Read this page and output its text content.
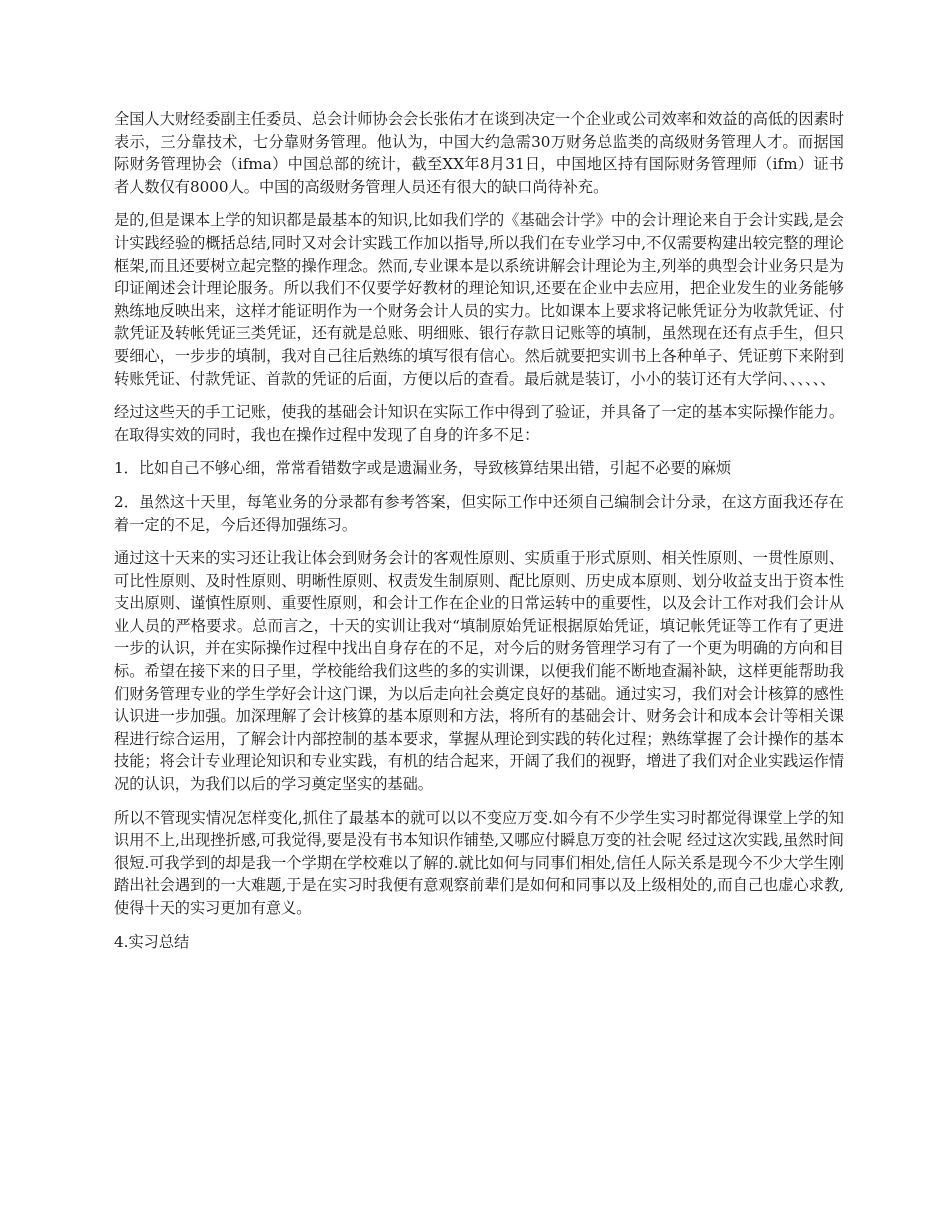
全国人大财经委副主任委员、总会计师协会会长张佑才在谈到决定一个企业或公司效率和效益的高低的因素时表示，三分靠技术，七分靠财务管理。他认为，中国大约急需30万财务总监类的高级财务管理人才。而据国际财务管理协会（ifma）中国总部的统计，截至XX年8月31日，中国地区持有国际财务管理师（ifm）证书者人数仅有8000人。中国的高级财务管理人员还有很大的缺口尚待补充。

是的,但是课本上学的知识都是最基本的知识,比如我们学的《基础会计学》中的会计理论来自于会计实践,是会计实践经验的概括总结,同时又对会计实践工作加以指导,所以我们在专业学习中,不仅需要构建出较完整的理论框架,而且还要树立起完整的操作理念。然而,专业课本是以系统讲解会计理论为主,列举的典型会计业务只是为印证阐述会计理论服务。所以我们不仅要学好教材的理论知识,还要在企业中去应用，把企业发生的业务能够熟练地反映出来，这样才能证明作为一个财务会计人员的实力。比如课本上要求将记帐凭证分为收款凭证、付款凭证及转帐凭证三类凭证，还有就是总账、明细账、银行存款日记账等的填制，虽然现在还有点手生，但只要细心，一步步的填制，我对自己往后熟练的填写很有信心。然后就要把实训书上各种单子、凭证剪下来附到转账凭证、付款凭证、首款的凭证的后面，方便以后的查看。最后就是装订，小小的装订还有大学问、、、、、、

经过这些天的手工记账，使我的基础会计知识在实际工作中得到了验证，并具备了一定的基本实际操作能力。在取得实效的同时，我也在操作过程中发现了自身的许多不足：

1．比如自己不够心细，常常看错数字或是遗漏业务，导致核算结果出错，引起不必要的麻烦

2．虽然这十天里，每笔业务的分录都有参考答案，但实际工作中还须自己编制会计分录，在这方面我还存在着一定的不足，今后还得加强练习。

通过这十天来的实习还让我让体会到财务会计的客观性原则、实质重于形式原则、相关性原则、一贯性原则、可比性原则、及时性原则、明晰性原则、权责发生制原则、配比原则、历史成本原则、划分收益支出于资本性支出原则、谨慎性原则、重要性原则，和会计工作在企业的日常运转中的重要性，以及会计工作对我们会计从业人员的严格要求。总而言之，十天的实训让我对“填制原始凭证根据原始凭证，填记帐凭证等工作有了更进一步的认识，并在实际操作过程中找出自身存在的不足，对今后的财务管理学习有了一个更为明确的方向和目标。希望在接下来的日子里，学校能给我们这些的多的实训课，以便我们能不断地查漏补缺，这样更能帮助我们财务管理专业的学生学好会计这门课，为以后走向社会奠定良好的基础。通过实习，我们对会计核算的感性认识进一步加强。加深理解了会计核算的基本原则和方法，将所有的基础会计、财务会计和成本会计等相关课程进行综合运用，了解会计内部控制的基本要求，掌握从理论到实践的转化过程；熟练掌握了会计操作的基本技能；将会计专业理论知识和专业实践，有机的结合起来，开阔了我们的视野，增进了我们对企业实践运作情况的认识，为我们以后的学习奠定坚实的基础。

所以不管现实情况怎样变化,抓住了最基本的就可以以不变应万变.如今有不少学生实习时都觉得课堂上学的知识用不上,出现挫折感,可我觉得,要是没有书本知识作铺垫,又哪应付瞬息万变的社会呢 经过这次实践,虽然时间很短.可我学到的却是我一个学期在学校难以了解的.就比如何与同事们相处,信任人际关系是现今不少大学生刚踏出社会遇到的一大难题,于是在实习时我便有意观察前辈们是如何和同事以及上级相处的,而自己也虚心求教,使得十天的实习更加有意义。

4.实习总结
